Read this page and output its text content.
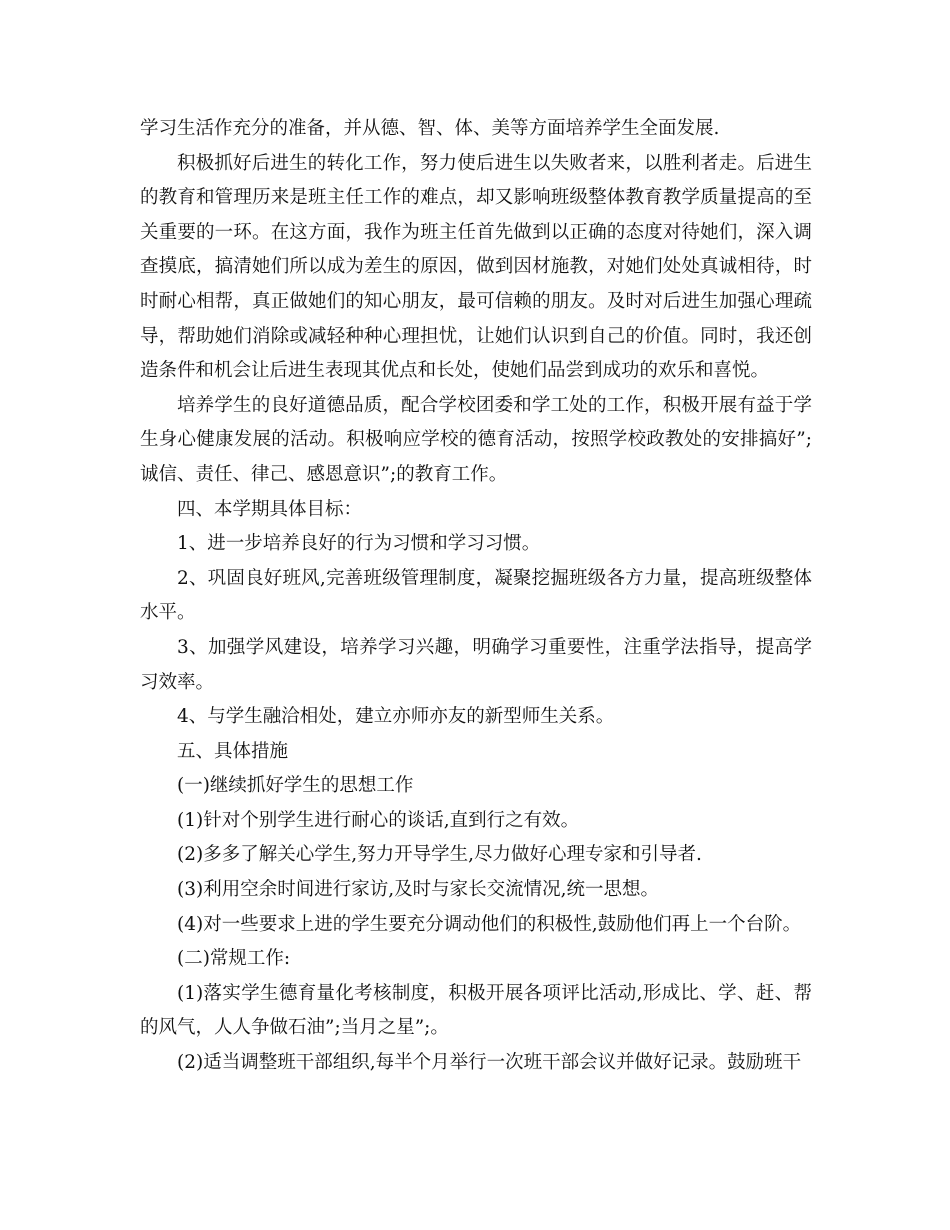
学习生活作充分的准备，并从德、智、体、美等方面培养学生全面发展.

积极抓好后进生的转化工作，努力使后进生以失败者来，以胜利者走。后进生的教育和管理历来是班主任工作的难点，却又影响班级整体教育教学质量提高的至关重要的一环。在这方面，我作为班主任首先做到以正确的态度对待她们，深入调查摸底，搞清她们所以成为差生的原因，做到因材施教，对她们处处真诚相待，时时耐心相帮，真正做她们的知心朋友，最可信赖的朋友。及时对后进生加强心理疏导，帮助她们消除或减轻种种心理担忧，让她们认识到自己的价值。同时，我还创造条件和机会让后进生表现其优点和长处，使她们品尝到成功的欢乐和喜悦。

培养学生的良好道德品质，配合学校团委和学工处的工作，积极开展有益于学生身心健康发展的活动。积极响应学校的德育活动，按照学校政教处的安排搞好”;诚信、责任、律己、感恩意识”;的教育工作。

四、本学期具体目标：

1、进一步培养良好的行为习惯和学习习惯。

2、巩固良好班风,完善班级管理制度，凝聚挖掘班级各方力量，提高班级整体水平。

3、加强学风建设，培养学习兴趣，明确学习重要性，注重学法指导，提高学习效率。

4、与学生融洽相处，建立亦师亦友的新型师生关系。

五、具体措施

(一)继续抓好学生的思想工作

(1)针对个别学生进行耐心的谈话,直到行之有效。

(2)多多了解关心学生,努力开导学生,尽力做好心理专家和引导者.

(3)利用空余时间进行家访,及时与家长交流情况,统一思想。

(4)对一些要求上进的学生要充分调动他们的积极性,鼓励他们再上一个台阶。

(二)常规工作:

(1)落实学生德育量化考核制度，积极开展各项评比活动,形成比、学、赶、帮的风气，人人争做石油”;当月之星”;。

(2)适当调整班干部组织,每半个月举行一次班干部会议并做好记录。鼓励班干
